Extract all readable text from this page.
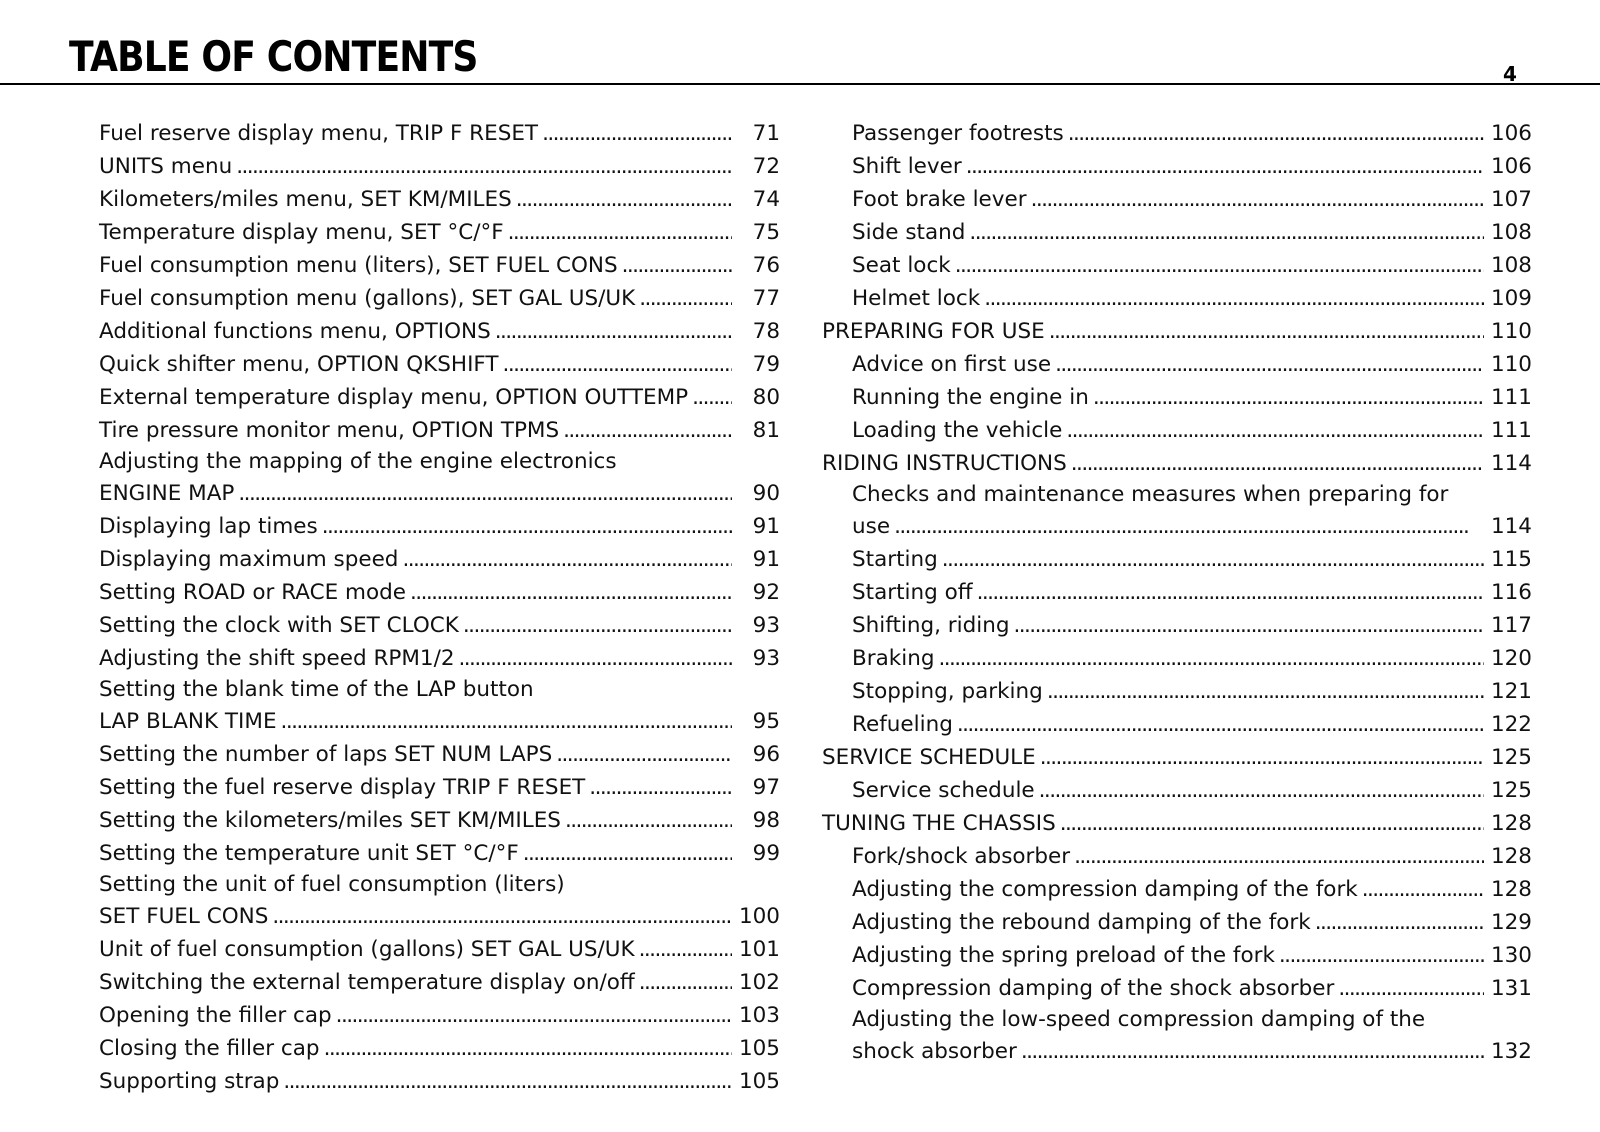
TABLE OF CONTENTS	4
Fuel reserve display menu, TRIP F RESET . . .	71
UNITS menu . . .	72
Kilometers/miles menu, SET KM/MILES . . .	74
Temperature display menu, SET °C/°F . . .	75
Fuel consumption menu (liters), SET FUEL CONS . . .	76
Fuel consumption menu (gallons), SET GAL US/UK . . .	77
Additional functions menu, OPTIONS . . .	78
Quick shifter menu, OPTION QKSHIFT . . .	79
External temperature display menu, OPTION OUTTEMP . . .	80
Tire pressure monitor menu, OPTION TPMS . . .	81
Adjusting the mapping of the engine electronics
ENGINE MAP . . .	90
Displaying lap times . . .	91
Displaying maximum speed . . .	91
Setting ROAD or RACE mode . . .	92
Setting the clock with SET CLOCK . . .	93
Adjusting the shift speed RPM1/2 . . .	93
Setting the blank time of the LAP button
LAP BLANK TIME . . .	95
Setting the number of laps SET NUM LAPS . . .	96
Setting the fuel reserve display TRIP F RESET . . .	97
Setting the kilometers/miles SET KM/MILES . . .	98
Setting the temperature unit SET °C/°F . . .	99
Setting the unit of fuel consumption (liters)
SET FUEL CONS . . .	100
Unit of fuel consumption (gallons) SET GAL US/UK . . .	101
Switching the external temperature display on/off . . .	102
Opening the filler cap . . .	103
Closing the filler cap . . .	105
Supporting strap . . .	105
Passenger footrests . . .	106
Shift lever . . .	106
Foot brake lever . . .	107
Side stand . . .	108
Seat lock . . .	108
Helmet lock . . .	109
PREPARING FOR USE . . .	110
Advice on first use . . .	110
Running the engine in . . .	111
Loading the vehicle . . .	111
RIDING INSTRUCTIONS . . .	114
Checks and maintenance measures when preparing for
use . . .	114
Starting . . .	115
Starting off . . .	116
Shifting, riding . . .	117
Braking . . .	120
Stopping, parking . . .	121
Refueling . . .	122
SERVICE SCHEDULE . . .	125
Service schedule . . .	125
TUNING THE CHASSIS . . .	128
Fork/shock absorber . . .	128
Adjusting the compression damping of the fork . . .	128
Adjusting the rebound damping of the fork . . .	129
Adjusting the spring preload of the fork . . .	130
Compression damping of the shock absorber . . .	131
Adjusting the low-speed compression damping of the
shock absorber . . .	132
